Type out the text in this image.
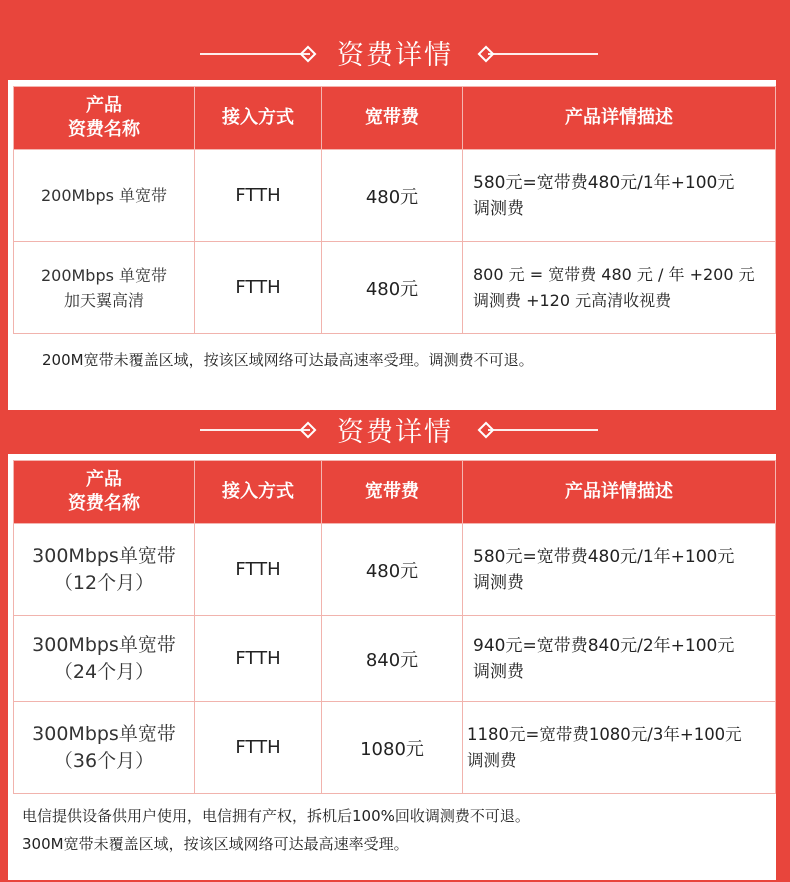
资费详情
产品
资费名称	接入方式	宽带费	产品详情描述
200Mbps 单宽带	FTTH	480元	580元=宽带费480元/1年+100元
调测费
200Mbps 单宽带
加天翼高清	FTTH	480元	800 元 = 宽带费 480 元 / 年 +200 元
调测费 +120 元高清收视费
200M宽带未覆盖区域，按该区域网络可达最高速率受理。调测费不可退。
资费详情
产品
资费名称	接入方式	宽带费	产品详情描述
300Mbps单宽带
（12个月）	FTTH	480元	580元=宽带费480元/1年+100元
调测费
300Mbps单宽带
（24个月）	FTTH	840元	940元=宽带费840元/2年+100元
调测费
300Mbps单宽带
（36个月）	FTTH	1080元	1180元=宽带费1080元/3年+100元
调测费
电信提供设备供用户使用，电信拥有产权，拆机后100%回收调测费不可退。
300M宽带未覆盖区域，按该区域网络可达最高速率受理。
